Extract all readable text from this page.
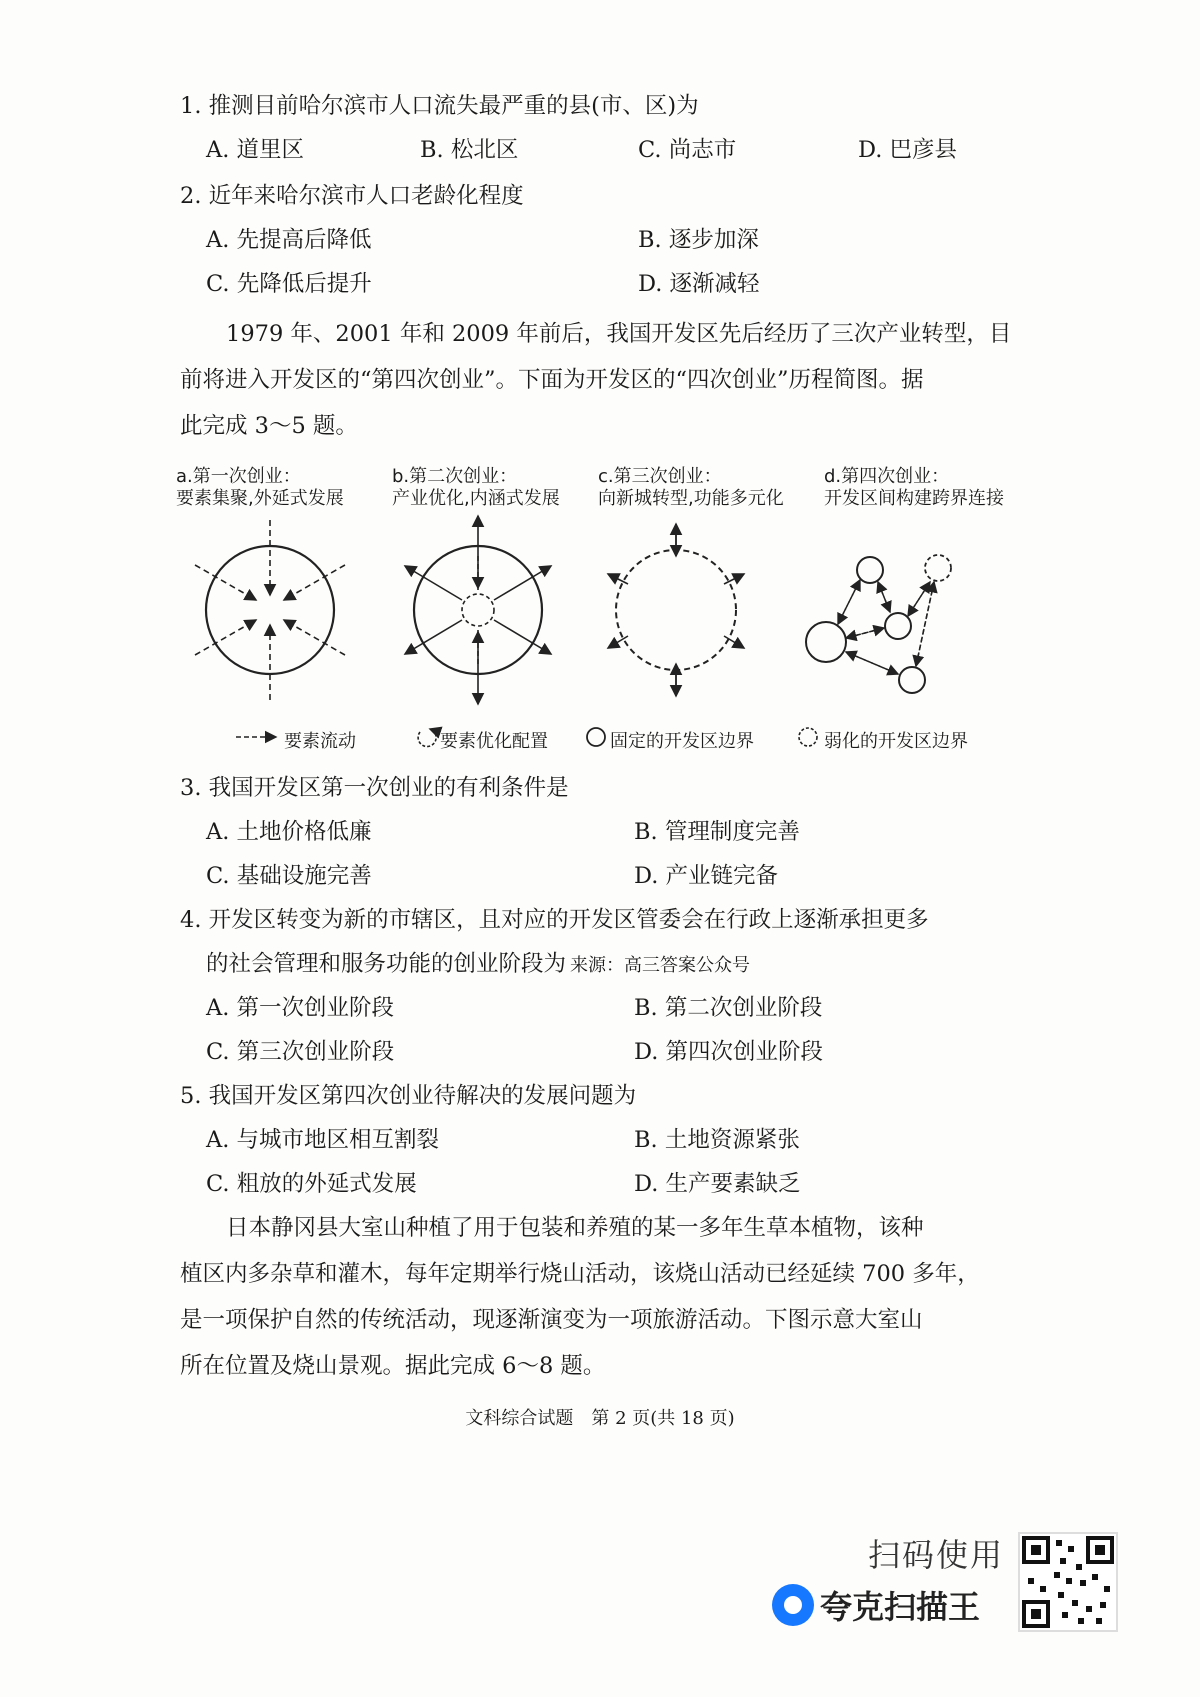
1. 推测目前哈尔滨市人口流失最严重的县(市、区)为
A. 道里区	B. 松北区	C. 尚志市	D. 巴彦县
2. 近年来哈尔滨市人口老龄化程度
A. 先提高后降低	B. 逐步加深
C. 先降低后提升	D. 逐渐减轻
1979 年、2001 年和 2009 年前后，我国开发区先后经历了三次产业转型，目
前将进入开发区的“第四次创业”。下面为开发区的“四次创业”历程简图。据
此完成 3～5 题。
a.第一次创业：
要素集聚,外延式发展
b.第二次创业：
产业优化,内涵式发展
c.第三次创业：
向新城转型,功能多元化
d.第四次创业：
开发区间构建跨界连接
要素流动	要素优化配置	固定的开发区边界	弱化的开发区边界
3. 我国开发区第一次创业的有利条件是
A. 土地价格低廉	B. 管理制度完善
C. 基础设施完善	D. 产业链完备
4. 开发区转变为新的市辖区，且对应的开发区管委会在行政上逐渐承担更多
的社会管理和服务功能的创业阶段为 来源：高三答案公众号
A. 第一次创业阶段	B. 第二次创业阶段
C. 第三次创业阶段	D. 第四次创业阶段
5. 我国开发区第四次创业待解决的发展问题为
A. 与城市地区相互割裂	B. 土地资源紧张
C. 粗放的外延式发展	D. 生产要素缺乏
日本静冈县大室山种植了用于包装和养殖的某一多年生草本植物，该种
植区内多杂草和灌木，每年定期举行烧山活动，该烧山活动已经延续 700 多年，
是一项保护自然的传统活动，现逐渐演变为一项旅游活动。下图示意大室山
所在位置及烧山景观。据此完成 6～8 题。
文科综合试题　第 2 页(共 18 页)
扫码使用
夸克扫描王
